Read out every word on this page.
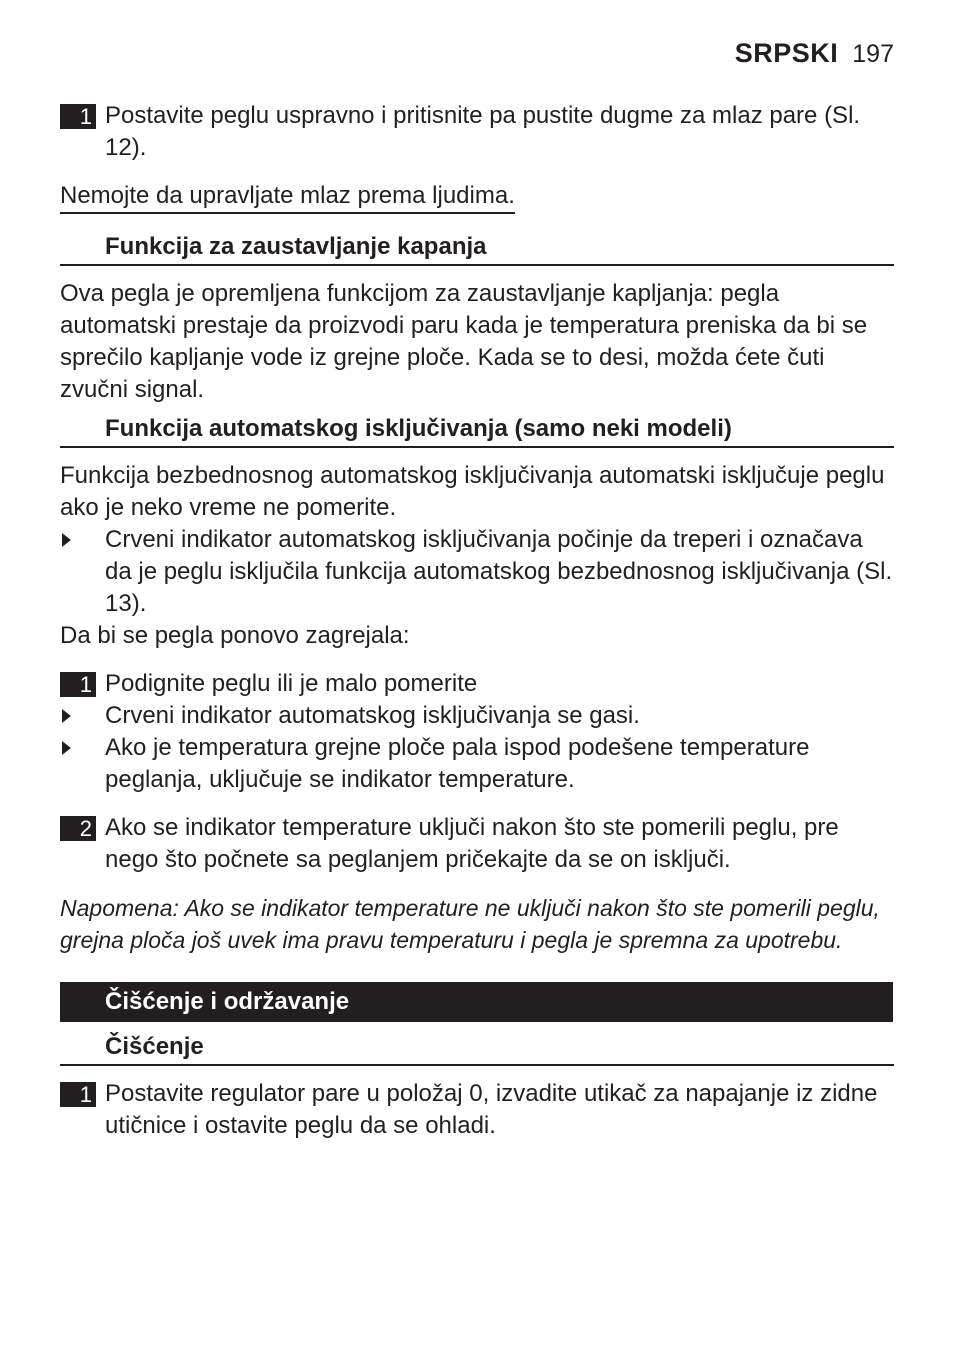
SRPSKI 197
1 Postavite peglu uspravno i pritisnite pa pustite dugme za mlaz pare (Sl. 12).
Nemojte da upravljate mlaz prema ljudima.
Funkcija za zaustavljanje kapanja

Ova pegla je opremljena funkcijom za zaustavljanje kapljanja: pegla automatski prestaje da proizvodi paru kada je temperatura preniska da bi se sprečilo kapljanje vode iz grejne ploče. Kada se to desi, možda ćete čuti zvučni signal.

Funkcija automatskog isključivanja (samo neki modeli)

Funkcija bezbednosnog automatskog isključivanja automatski isključuje peglu ako je neko vreme ne pomerite.

Crveni indikator automatskog isključivanja počinje da treperi i označava da je peglu isključila funkcija automatskog bezbednosnog isključivanja (Sl. 13).

Da bi se pegla ponovo zagrejala:

1 Podignite peglu ili je malo pomerite
Crveni indikator automatskog isključivanja se gasi.
Ako je temperatura grejne ploče pala ispod podešene temperature peglanja, uključuje se indikator temperature.
2 Ako se indikator temperature uključi nakon što ste pomerili peglu, pre nego što počnete sa peglanjem pričekajte da se on isključi.

Napomena: Ako se indikator temperature ne uključi nakon što ste pomerili peglu, grejna ploča još uvek ima pravu temperaturu i pegla je spremna za upotrebu.

Čišćenje i održavanje
Čišćenje
1 Postavite regulator pare u položaj 0, izvadite utikač za napajanje iz zidne utičnice i ostavite peglu da se ohladi.
